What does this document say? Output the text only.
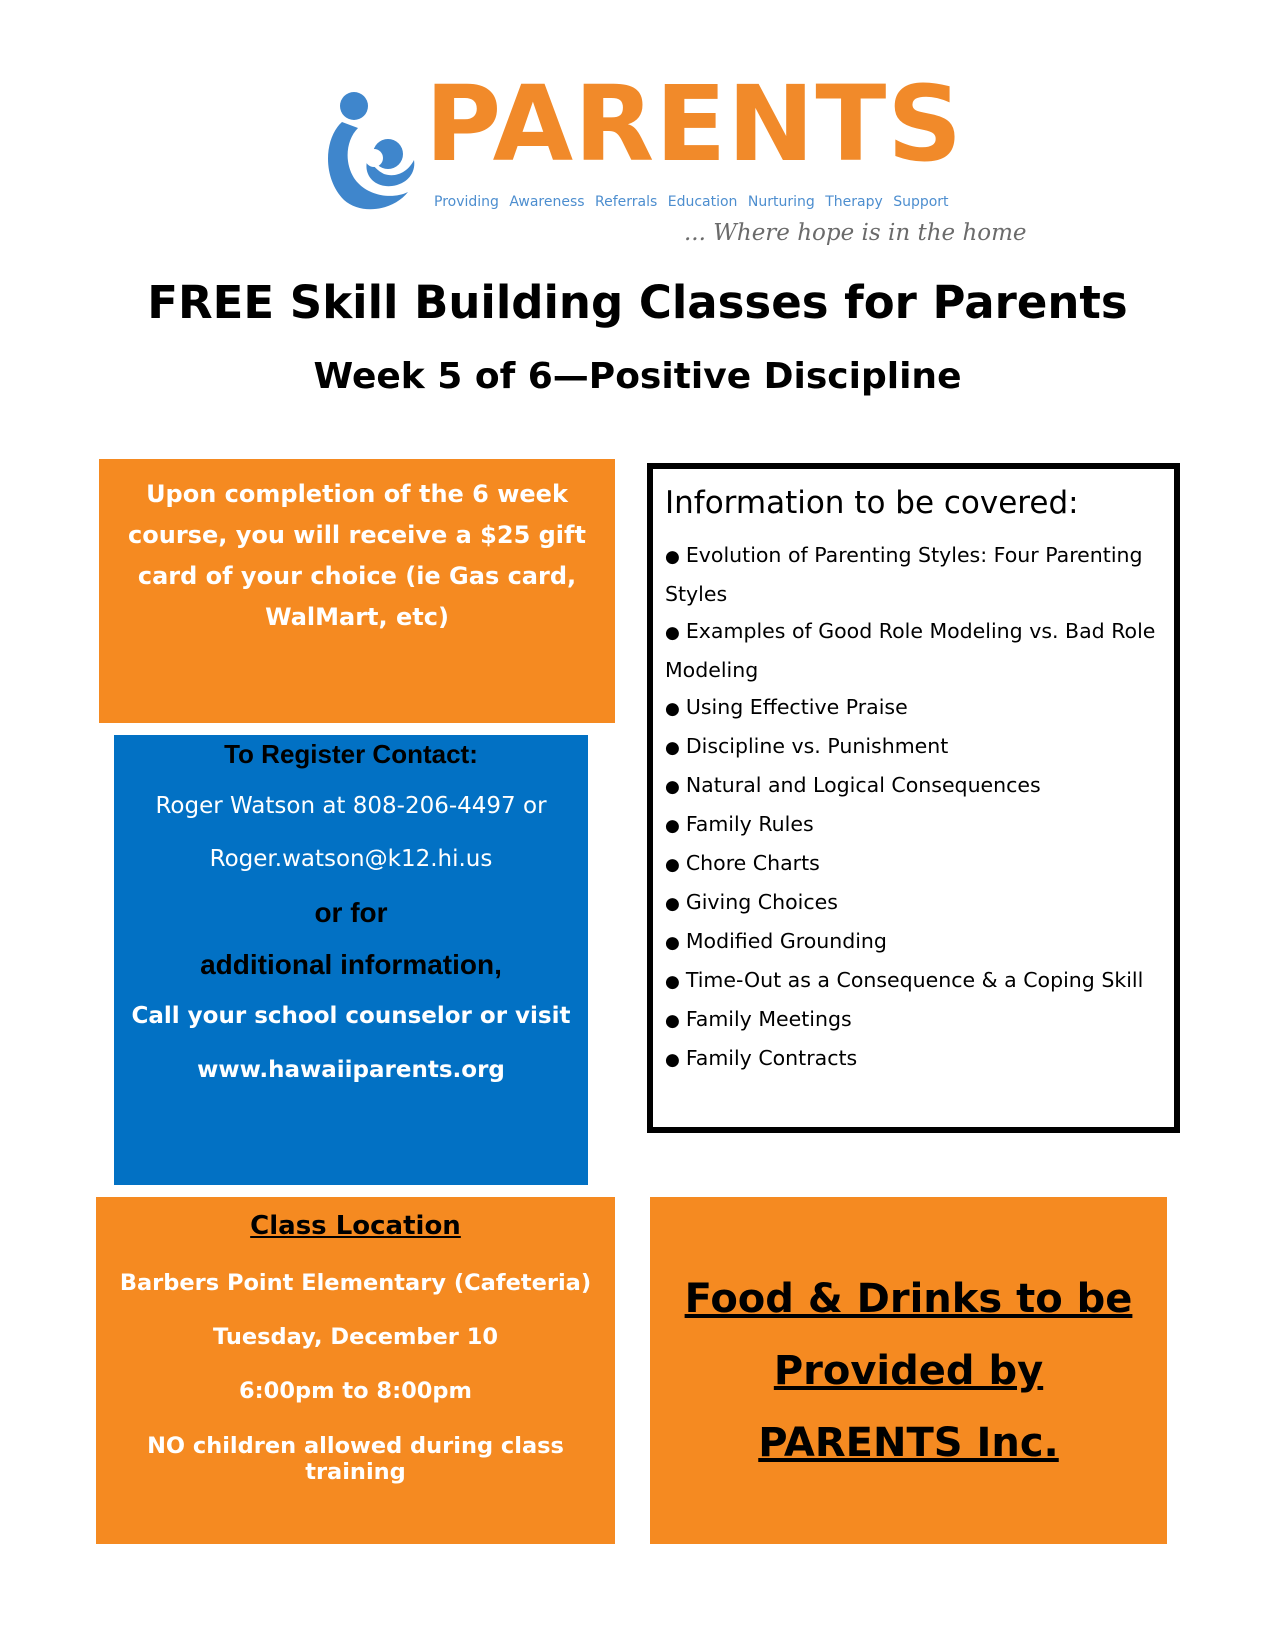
PARENTS
Providing Awareness Referrals Education Nurturing Therapy Support
... Where hope is in the home
FREE Skill Building Classes for Parents
Week 5 of 6—Positive Discipline
Upon completion of the 6 week course, you will receive a $25 gift card of your choice (ie Gas card, WalMart, etc)
To Register Contact:
Roger Watson at 808-206-4497 or
Roger.watson@k12.hi.us
or for
additional information,
Call your school counselor or visit
www.hawaiiparents.org
Information to be covered:
● Evolution of Parenting Styles: Four Parenting Styles
● Examples of Good Role Modeling vs. Bad Role Modeling
● Using Effective Praise
● Discipline vs. Punishment
● Natural and Logical Consequences
● Family Rules
● Chore Charts
● Giving Choices
● Modified Grounding
● Time-Out as a Consequence & a Coping Skill
● Family Meetings
● Family Contracts
Class Location
Barbers Point Elementary (Cafeteria)
Tuesday, December 10
6:00pm to 8:00pm
NO children allowed during class training
Food & Drinks to be Provided by PARENTS Inc.
